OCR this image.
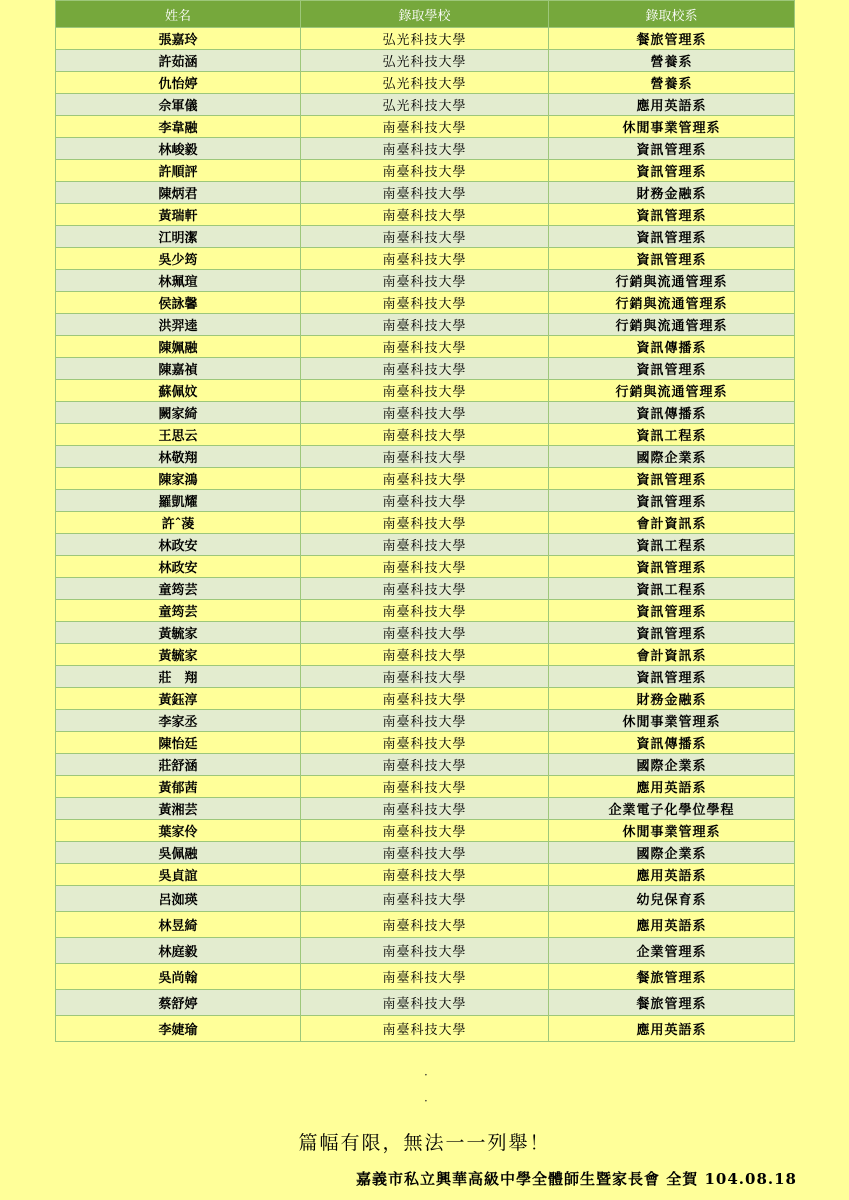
姓名	錄取學校	錄取校系
張嘉玲	弘光科技大學	餐旅管理系
許茹涵	弘光科技大學	營養系
仇怡婷	弘光科技大學	營養系
佘軍儀	弘光科技大學	應用英語系
李韋融	南臺科技大學	休閒事業管理系
林峻毅	南臺科技大學	資訊管理系
許順評	南臺科技大學	資訊管理系
陳炳君	南臺科技大學	財務金融系
黃瑞軒	南臺科技大學	資訊管理系
江明潔	南臺科技大學	資訊管理系
吳少筠	南臺科技大學	資訊管理系
林珮瑄	南臺科技大學	行銷與流通管理系
侯詠馨	南臺科技大學	行銷與流通管理系
洪羿逵	南臺科技大學	行銷與流通管理系
陳姵融	南臺科技大學	資訊傳播系
陳嘉禎	南臺科技大學	資訊管理系
蘇佩妏	南臺科技大學	行銷與流通管理系
闕家綺	南臺科技大學	資訊傳播系
王思云	南臺科技大學	資訊工程系
林敬翔	南臺科技大學	國際企業系
陳家鴻	南臺科技大學	資訊管理系
羅凱耀	南臺科技大學	資訊管理系
許ˆ蓤	南臺科技大學	會計資訊系
林政安	南臺科技大學	資訊工程系
林政安	南臺科技大學	資訊管理系
童筠芸	南臺科技大學	資訊工程系
童筠芸	南臺科技大學	資訊管理系
黃毓家	南臺科技大學	資訊管理系
黃毓家	南臺科技大學	會計資訊系
莊　翔	南臺科技大學	資訊管理系
黃鈺淳	南臺科技大學	財務金融系
李家丞	南臺科技大學	休閒事業管理系
陳怡廷	南臺科技大學	資訊傳播系
莊舒涵	南臺科技大學	國際企業系
黃郁茜	南臺科技大學	應用英語系
黃湘芸	南臺科技大學	企業電子化學位學程
葉家伶	南臺科技大學	休閒事業管理系
吳佩融	南臺科技大學	國際企業系
吳貞誼	南臺科技大學	應用英語系
呂洳瑛	南臺科技大學	幼兒保育系
林昱綺	南臺科技大學	應用英語系
林庭毅	南臺科技大學	企業管理系
吳尚翰	南臺科技大學	餐旅管理系
蔡舒婷	南臺科技大學	餐旅管理系
李婕瑜	南臺科技大學	應用英語系
·
·
篇幅有限，無法一一列舉！
嘉義市私立興華高級中學全體師生暨家長會 全賀 104.08.18
